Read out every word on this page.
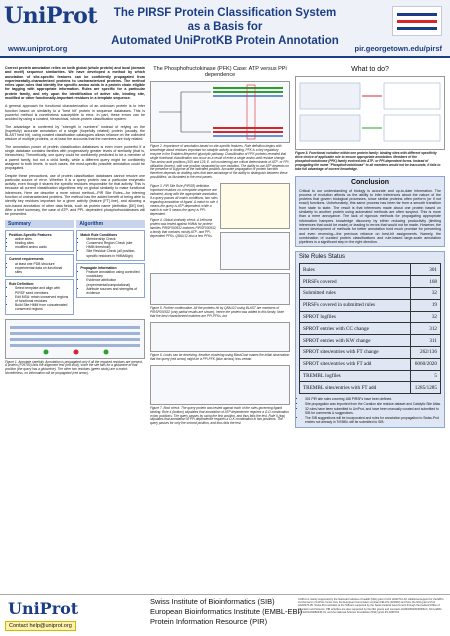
UniProt
www.uniprot.org
The PIRSF Protein Classification System
as a Basis for
Automated UniProtKB Protein Annotation
pir.georgetown.edu/pirsf
Correct protein annotation relies on both global (whole protein) and local (domain and motif) sequence similarities. We have developed a method by which annotation of site-specific features can be confidently propagated from experimentally-characterized proteins to uncharacterized proteins. The method relies upon rules that identify the specific amino acids in a protein chain eligible for tagging with appropriate information. Rules are specific for a particular protein family, and rely upon the identification of active site, binding site, modified or other functionally-important residues in a template sequence.

A general approach for functional characterization of an unknown protein is to infer function based on similarity to a "best hit" protein in sequence databases. This is powerful method is nonetheless susceptible to error. In part, these errors can be avoided by using a curated, hierarchical, whole-protein classification system.

The advantage is conferred by "strength in numbers" instead of relying on the (hopefully) accurate annotation of a single (hopefully related) protein (usually, the BLAST best hit), using curated classification catalogues allows reliance on the collected wisdom of multiple proteins, or at least the accounts that the members are truly related.

The annotation power of protein classification databases is even more powerful if a single database contains families with progressively greater levels of similarity (that is, hierarchies). Theoretically, one query could be confidently predicted to be a member of a parent family, but not a child family, while a different query might be confidently assigned to both levels. In such cases, the most-specific possible annotation could be propagated.

Despite these precautions, use of protein classification databases cannot resolve one particular source of error. Whether it is a query protein has a particular enzymatic activity, even though it shares the specific residues responsible for that activity. This is because all current classification algorithms rely on global similarity to make functional inferences. Here we describe a more robust method—PIR Site Rules—for inferring function of uncharacterized proteins. The method has the added benefit of being able to identify key residues important for a given activity (feature [FT] line), and allowing a rule-based annotation of other data fields, such as protein name (definition [DE] line). After a brief summary, the case of ATP- and PPi- dependent phosphofructokinases will be presented.

Summary	Algorithm
Position-Specific Features
• active sites
• binding sites
• modified amino acids
Current requirements
• at least one PDB structure
• experimental data on functional sites
Rule Definition:
• Select template and align with PIRSF seed members
• Edit MSA: retain conserved regions of functional residues
• Build Site HMM from concatenated conserved regions
Match Rule Conditions
• Membership Check
• Conserved Region Check (site HMM threshold)
• Site Residue Check (all position-specific residues in HMMAlign)
Propagate information
• Feature annotation using controlled vocabulary
• Evidence attribution (experimental/computational)
• Attribute sources and strengths of evidence
Figure 1. Annotate carefully. Annotation is propagated only if all the required residues are present. A protein (P26780) fails the alignment test (red stud), since the site fails for a glutamine at that position (the query has a glutamine). The other two residues (green studs) are a match. Nonetheless, no information will be propagated (red arrow).
The Phosphofructokinase (PFK) Case: ATP versus PPi dependence
Figure 2. Importance of annotation based on site-specific features. Rule definition begins with knowledge about residues important for catalytic activity or binding. PFK is a key regulatory enzyme in the Embden-Meyerhof glycolytic pathway. Classification of PFK proteins revealed that single functional classification can occur as a result of even a single amino-acid residue change. Two amino acid positions (105 and 125; E. coli numbering) are critical determinants of ATP- or PPi- utilization (boxes), with one position separated by one mutation. The ability to use ATP depends on the presence of a glycine at the indicated position. Accurate propagation of protein function therefore depends on drafting rules that take advantage of the ability to distinguish between these possibilities, as illustrated in the next panels.
Figure 3. PIR Site Rule (PIRSR) definition. Important residues on a template sequence are indicated, along with the appropriate annotation. If a query passes all match conditions, two rules regarding annotation of ligand. A match to rule 4 means the query is ATP-dependent, while a match to rule 5 means the query is PPi-dependent.
Figure 4. Global similarity check. A Lethoma protein was tested against HMMs for protein families PIRSF000532 matches PIRSF000532, a family that contains mostly ATP- and PPi-dependent PFKs. Q8AU12 also a few PFKs.
Figure 5. Further confirmation. All the proteins hit by Q8AU22 using BLAST are members of PIRSF000532 (only partial results are shown), hence the protein was added to this family. Note that the best characterized matches are PPi-PFKs, but
Figure 6. Looks can be deceiving. Iterative clustering using BlastClust makes the initial observation that the query (red arrow) might be a PPi-PFK (blue arrows) less certain.
Figure 7. Boot check. The query protein was tested against each of the rules governing ligand binding. Rule 4 (bottom) stipulates that annotation of ATP dependence requires a G-D combination in two positions. The query passes by using the first position, and thus fails the test. Rule 5 (top) stipulates that annotation of PPi dependence requires a D-K combination in two positions. The query passes for only the second position, and thus fails the test.
What to do?
Figure 8. Functional variation within one protein family: binding sites with different specificity drive choice of applicable rule to ensure appropriate annotation. Members of the phosphofructokinase (PFK) family evolved into ATP- or PPi-dependent forms. Instead of propagating the name "Phosphofructokinase" to all members would not be inaccurate, it fails to take full advantage of current knowledge.
Conclusion
Critical to our understanding of biology is accurate and up-to-date information. The process of evolution affords us the ability to infer inferences about the nature of the proteins that govern biological processes, since similar proteins often perform (or if not exact) functions. Unfortunately, this same process has been far from a smooth transition from state to state. The result is that inferences made about one protein based on similarity to another protein using automated methods are often suspect. This is more than a mere annoyance. The lack of rigorous methods for propagating appropriate information hampers knowledge discovery by either reducing productivity (limiting inferences that could be made) or leading to errors that would not be made. However, the recent development of methods for better annotation hold much promise for preventing and even reversing—the previous reliance on best-hit assignments. Namely, the combination of curated protein classifications and rule-based large-scale annotation pipelines is a significant step in the right direction.
Site Rules Status
Rules	301
PIRSFs covered	168
Submitted rules	32
PIRSFs covered in submitted rules	19
SPROT logfiles	32
SPROT entries with CC change	312
SPROT entries with KW change	311
SPROT sites/entries with FT change	262/136
SPROT sites/entries with FT add	6060/2020
TREMBL logfiles	5
TREMBL sites/entries with FT add	1285/1285
• 301 PIR site rules covering 168 PIRSFs have been defined.
• Site propagation was imported from the Curation site residue dataset and Catalytic Site Atlas.
• 32 rules have been submitted to UniProt, and have been manually curated and submitted to SIB for comments & suggestions.
• The SIB suggestions will be incorporated and rules for annotation propagation to Swiss-Prot entries not already in TrEMBL will be submitted to SIB.
UniProt	Swiss Institute of Bioinformatics (SIB)
European Bioinformatics Institute (EMBL-EBI)
Protein Information Resource (PIR)
Contact help@uniprot.org
UniProt is mainly supported by the National Institutes of Health (NIH) grant 2 U01 HG02712-04. Additional support for the EBI's involvement in UniProt comes from the European Commission contract FELICS (021902) and from the NIH grant 2 P41 HG02273-05. Swiss-Prot activities at the SIB are supported by the Swiss Federal Government through the Federal Office of Education and Science. PIR activities are also supported by the NIH grants and contracts HHSN266200400061C, NCI-caBIG and 1R01GM080646-01, and the National Science Foundation (NSF) grant IIS-0430743.
